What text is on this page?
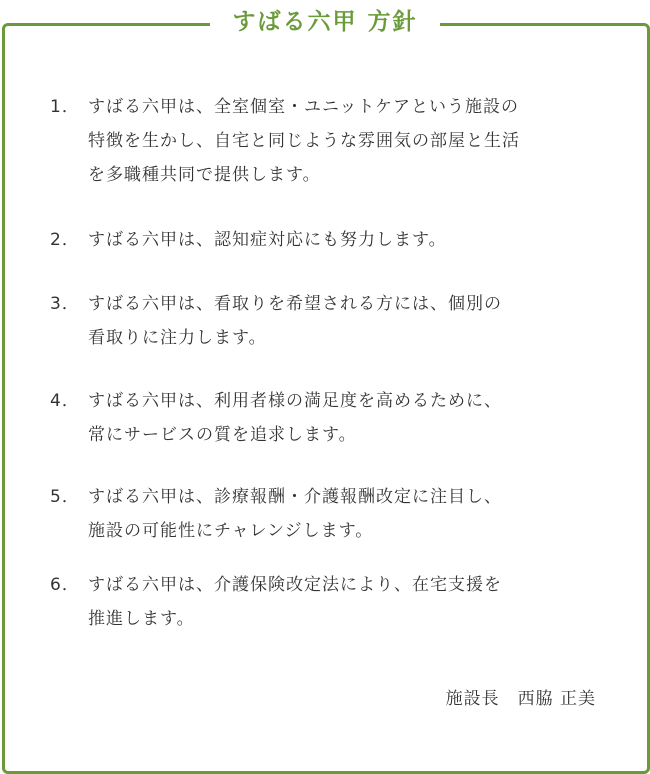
すばる六甲 方針
1． すばる六甲は、全室個室・ユニットケアという施設の
特徴を生かし、自宅と同じような雰囲気の部屋と生活
を多職種共同で提供します。
2． すばる六甲は、認知症対応にも努力します。
3． すばる六甲は、看取りを希望される方には、個別の
看取りに注力します。
4． すばる六甲は、利用者様の満足度を高めるために、
常にサービスの質を追求します。
5． すばる六甲は、診療報酬・介護報酬改定に注目し、
施設の可能性にチャレンジします。
6． すばる六甲は、介護保険改定法により、在宅支援を
推進します。
施設長　西脇 正美
